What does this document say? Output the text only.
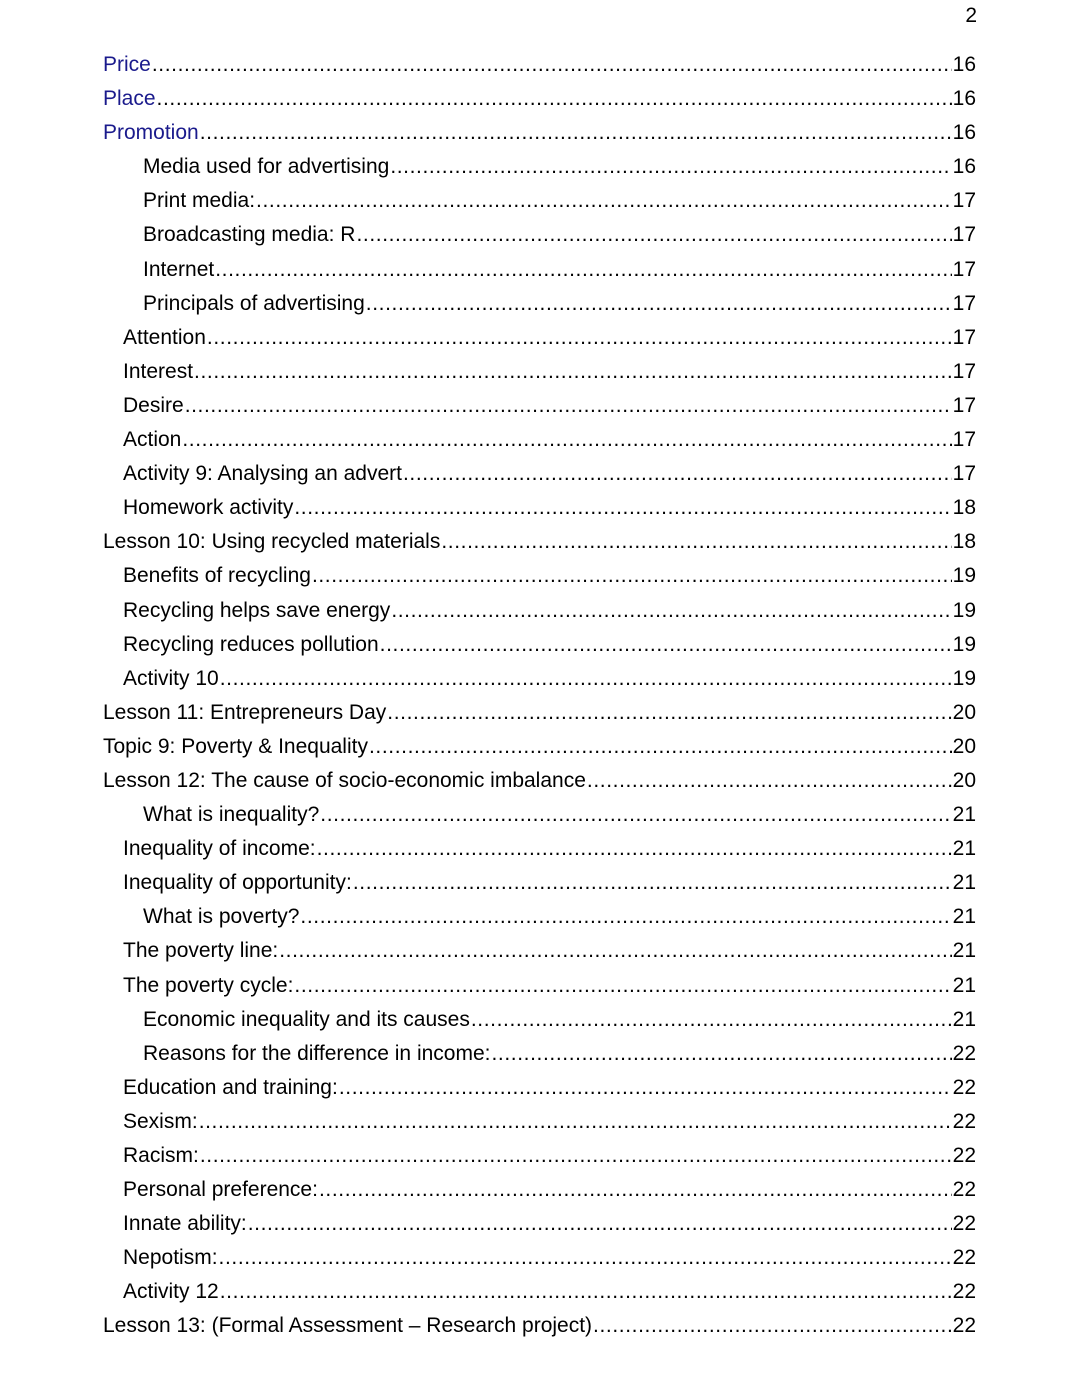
2
Price .....	16
Place .....	16
Promotion .....	16
Media used for advertising .....	16
Print media: .....	17
Broadcasting media: R .....	17
Internet .....	17
Principals of advertising .....	17
Attention .....	17
Interest .....	17
Desire .....	17
Action .....	17
Activity 9: Analysing an advert .....	17
Homework activity .....	18
Lesson 10: Using recycled materials .....	18
Benefits of recycling .....	19
Recycling helps save energy .....	19
Recycling reduces pollution .....	19
Activity 10 .....	19
Lesson 11: Entrepreneurs Day .....	20
Topic 9: Poverty & Inequality .....	20
Lesson 12: The cause of socio-economic imbalance .....	20
What is inequality? .....	21
Inequality of income: .....	21
Inequality of opportunity: .....	21
What is poverty? .....	21
The poverty line: .....	21
The poverty cycle: .....	21
Economic inequality and its causes .....	21
Reasons for the difference in income: .....	22
Education and training: .....	22
Sexism: .....	22
Racism: .....	22
Personal preference: .....	22
Innate ability: .....	22
Nepotism: .....	22
Activity 12 .....	22
Lesson 13: (Formal Assessment – Research project) .....	22
